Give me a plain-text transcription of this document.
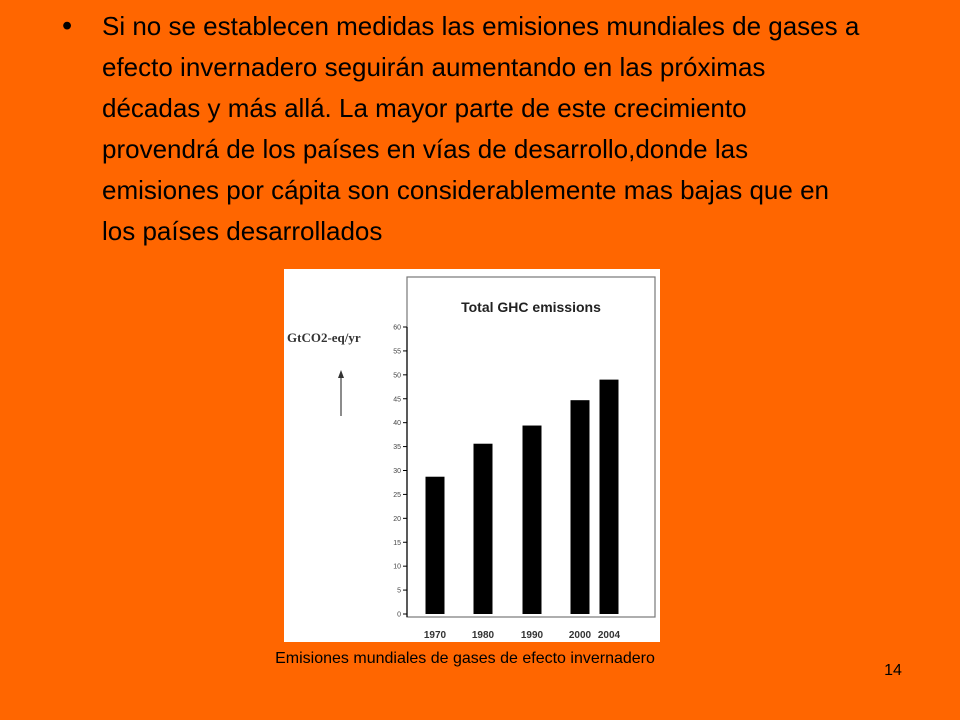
•	Si no se establecen medidas las emisiones mundiales de gases a efecto invernadero seguirán aumentando en las próximas décadas y más allá. La mayor parte de este crecimiento provendrá de los países en vías de desarrollo,donde las emisiones por cápita son considerablemente mas bajas que en los países desarrollados
GtCO2-eq/yr
Total GHC emissions
0
5
10
15
20
25
30
35
40
45
50
55
60
1970	1980	1990	2000 2004
Emisiones mundiales de gases de efecto invernadero
14
